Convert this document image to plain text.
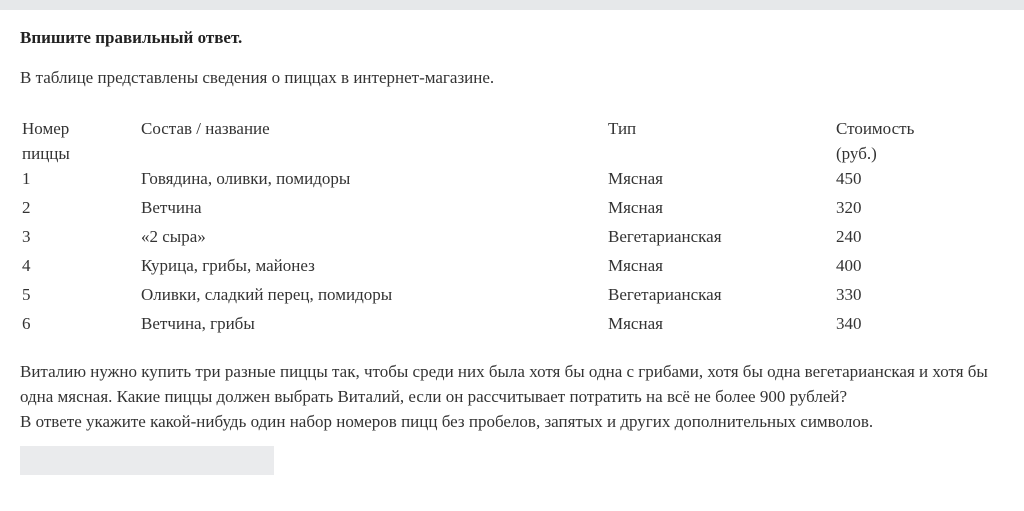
Впишите правильный ответ.

В таблице представлены сведения о пиццах в интернет-магазине.

Номер
пиццы	Состав / название	Тип	Стоимость
(руб.)
1	Говядина, оливки, помидоры	Мясная	450
2	Ветчина	Мясная	320
3	«2 сыра»	Вегетарианская	240
4	Курица, грибы, майонез	Мясная	400
5	Оливки, сладкий перец, помидоры	Вегетарианская	330
6	Ветчина, грибы	Мясная	340

Виталию нужно купить три разные пиццы так, чтобы среди них была хотя бы одна с грибами, хотя бы одна вегетарианская и хотя бы одна мясная. Какие пиццы должен выбрать Виталий, если он рассчитывает потратить на всё не более 900 рублей?
В ответе укажите какой-нибудь один набор номеров пицц без пробелов, запятых и других дополнительных символов.
